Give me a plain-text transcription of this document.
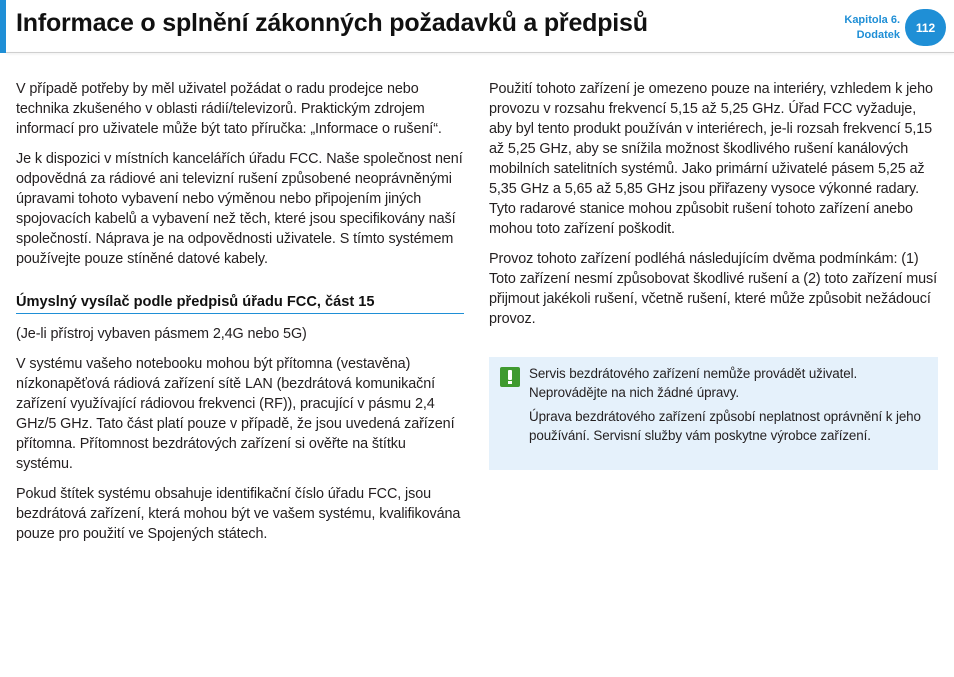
Informace o splnění zákonných požadavků a předpisů	Kapitola 6.
Dodatek
112

V případě potřeby by měl uživatel požádat o radu prodejce nebo technika zkušeného v oblasti rádií/televizorů. Praktickým zdrojem informací pro uživatele může být tato příručka: „Informace o rušení“.

Je k dispozici v místních kancelářích úřadu FCC. Naše společnost není odpovědná za rádiové ani televizní rušení způsobené neoprávněnými úpravami tohoto vybavení nebo výměnou nebo připojením jiných spojovacích kabelů a vybavení než těch, které jsou specifikovány naší společností. Náprava je na odpovědnosti uživatele. S tímto systémem používejte pouze stíněné datové kabely.

Úmyslný vysílač podle předpisů úřadu FCC, část 15

(Je-li přístroj vybaven pásmem 2,4G nebo 5G)

V systému vašeho notebooku mohou být přítomna (vestavěna) nízkonapěťová rádiová zařízení sítě LAN (bezdrátová komunikační zařízení využívající rádiovou frekvenci (RF)), pracující v pásmu 2,4 GHz/5 GHz. Tato část platí pouze v případě, že jsou uvedená zařízení přítomna. Přítomnost bezdrátových zařízení si ověřte na štítku systému.

Pokud štítek systému obsahuje identifikační číslo úřadu FCC, jsou bezdrátová zařízení, která mohou být ve vašem systému, kvalifikována pouze pro použití ve Spojených státech.

Použití tohoto zařízení je omezeno pouze na interiéry, vzhledem k jeho provozu v rozsahu frekvencí 5,15 až 5,25 GHz. Úřad FCC vyžaduje, aby byl tento produkt používán v interiérech, je-li rozsah frekvencí 5,15 až 5,25 GHz, aby se snížila možnost škodlivého rušení kanálových mobilních satelitních systémů. Jako primární uživatelé pásem 5,25 až 5,35 GHz a 5,65 až 5,85 GHz jsou přiřazeny vysoce výkonné radary. Tyto radarové stanice mohou způsobit rušení tohoto zařízení anebo mohou toto zařízení poškodit.

Provoz tohoto zařízení podléhá následujícím dvěma podmínkám: (1) Toto zařízení nesmí způsobovat škodlivé rušení a (2) toto zařízení musí přijmout jakékoli rušení, včetně rušení, které může způsobit nežádoucí provoz.

Servis bezdrátového zařízení nemůže provádět uživatel. Neprovádějte na nich žádné úpravy.

Úprava bezdrátového zařízení způsobí neplatnost oprávnění k jeho používání. Servisní služby vám poskytne výrobce zařízení.
